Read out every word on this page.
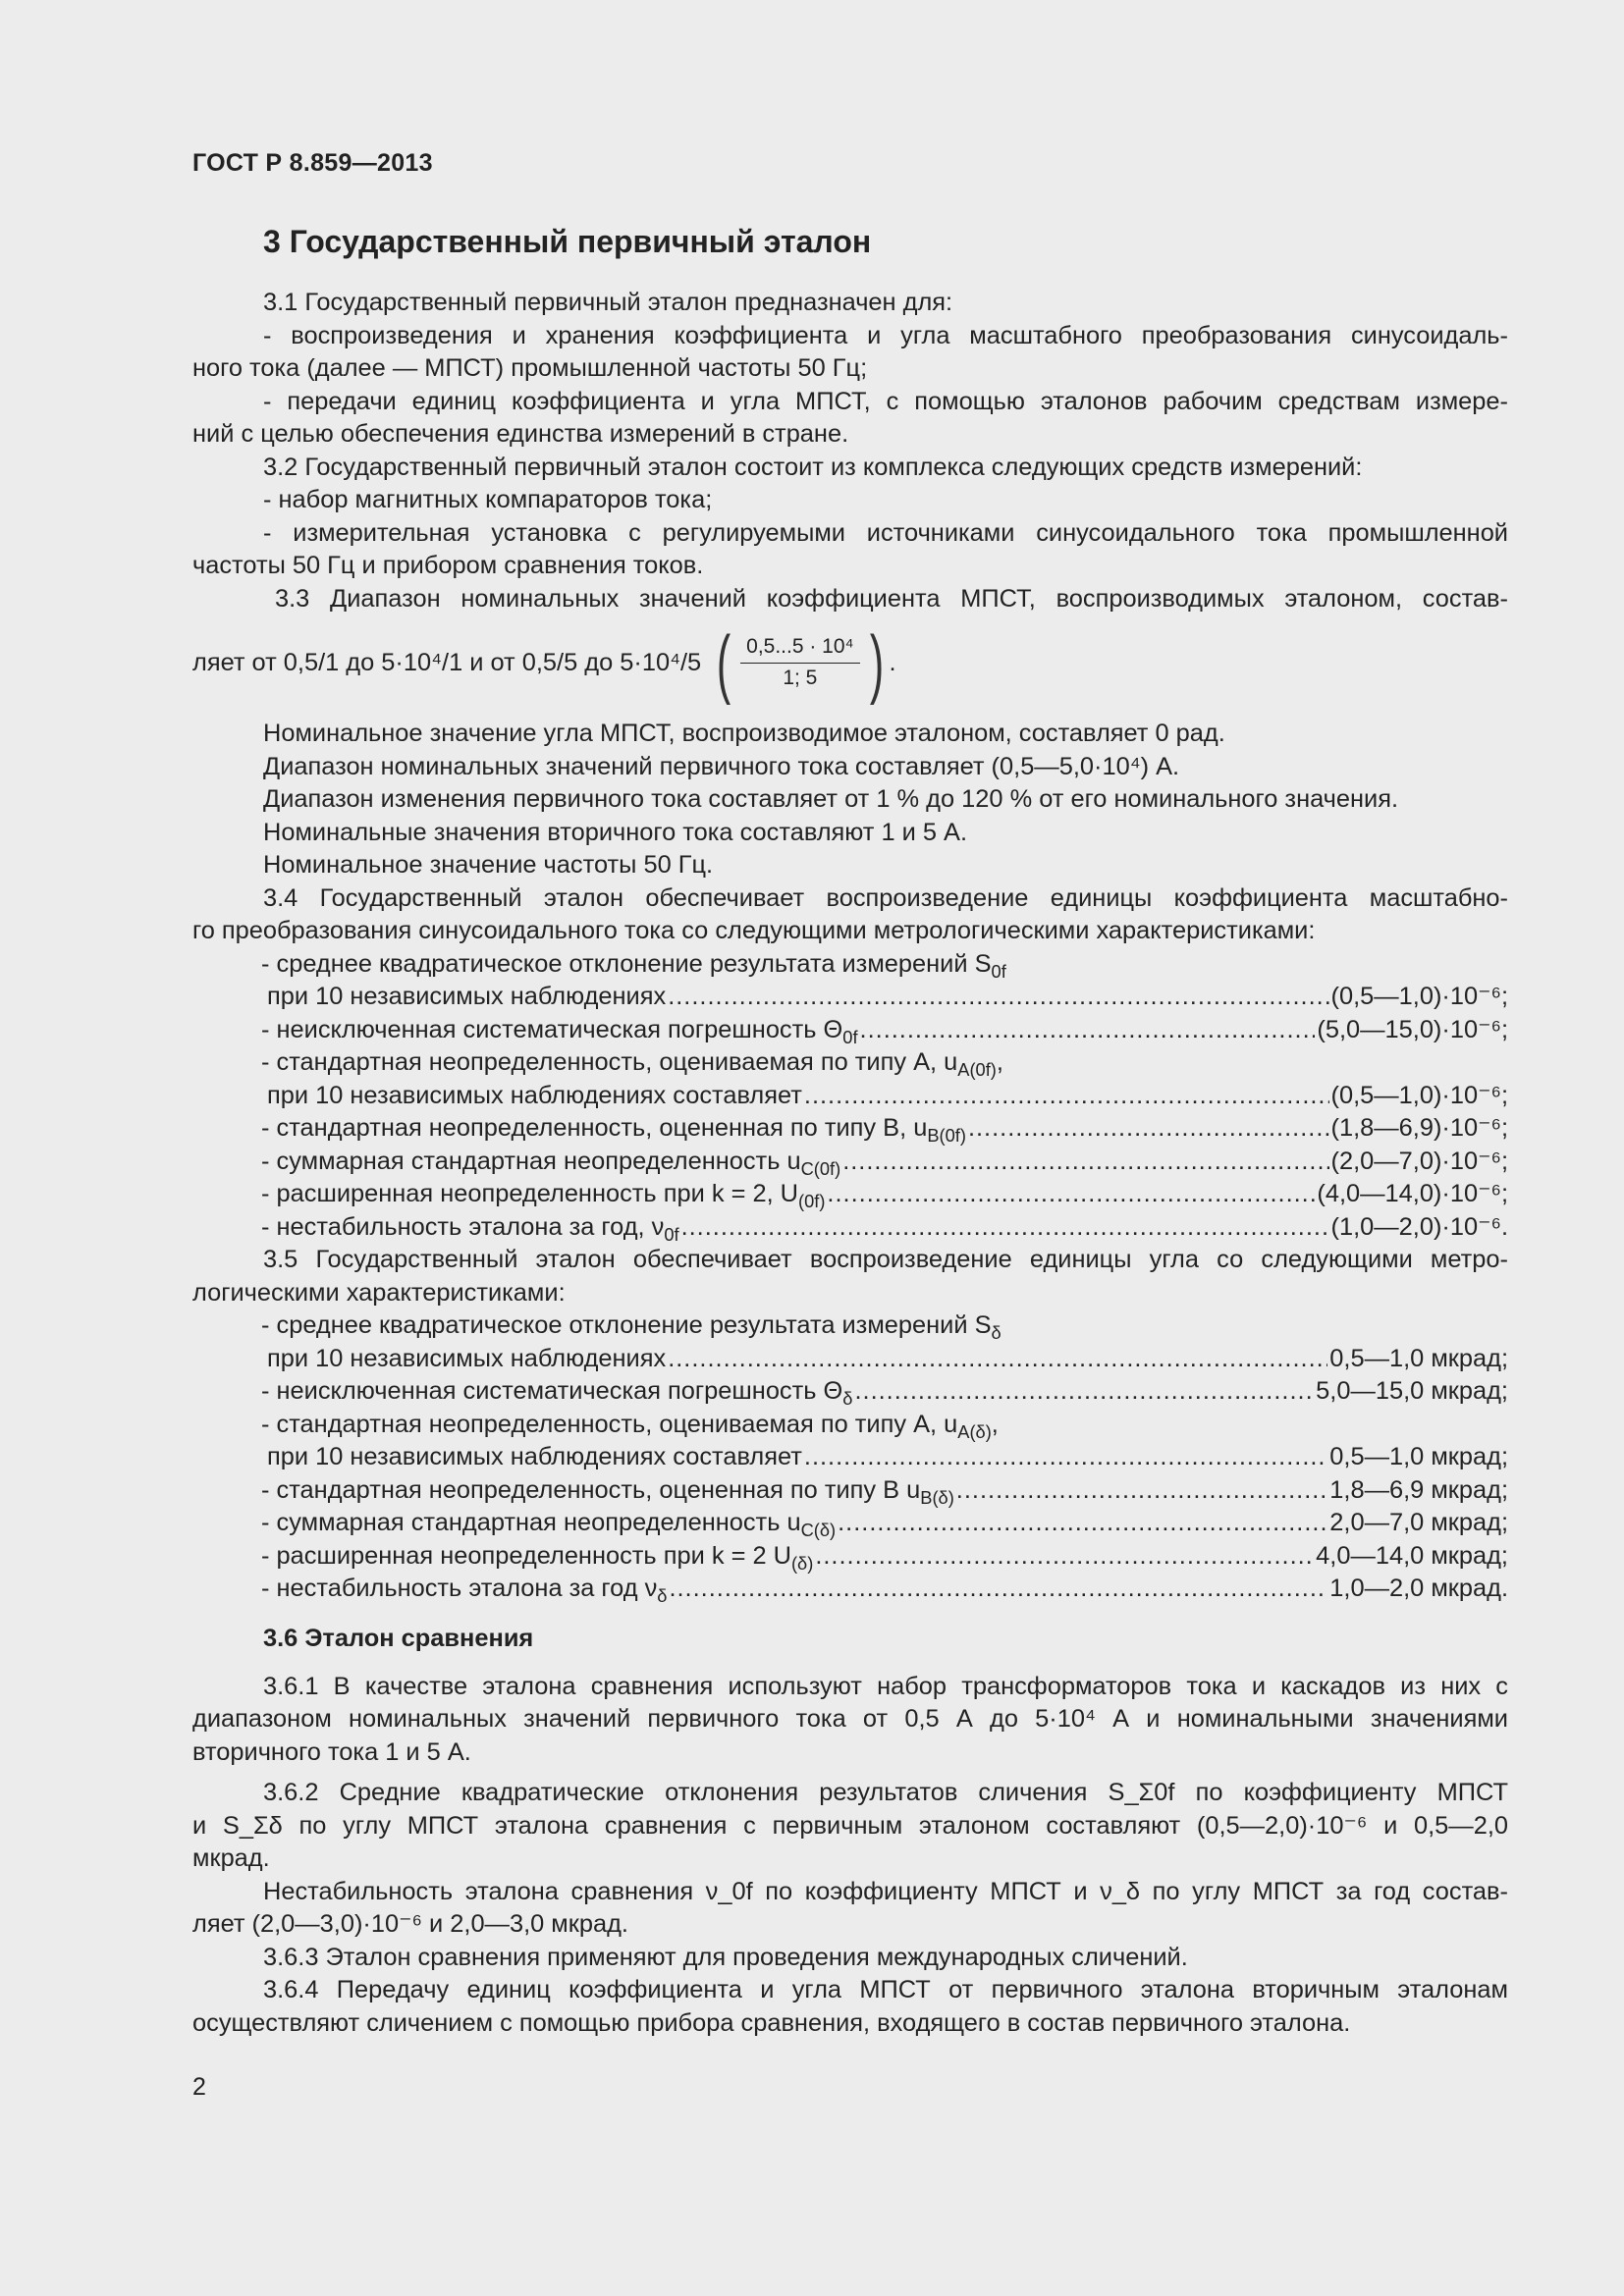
ГОСТ Р 8.859—2013
3 Государственный первичный эталон
3.1 Государственный первичный эталон предназначен для:
- воспроизведения и хранения коэффициента и угла масштабного преобразования синусоидаль-
ного тока (далее — МПСТ) промышленной частоты 50 Гц;
- передачи единиц коэффициента и угла МПСТ, с помощью эталонов рабочим средствам измере-
ний с целью обеспечения единства измерений в стране.
3.2 Государственный первичный эталон состоит из комплекса следующих средств измерений:
- набор магнитных компараторов тока;
- измерительная установка с регулируемыми источниками синусоидального тока промышленной
частоты 50 Гц и прибором сравнения токов.
3.3 Диапазон номинальных значений коэффициента МПСТ, воспроизводимых эталоном, состав-
ляет от 0,5/1 до 5·10⁴/1 и от 0,5/5 до 5·10⁴/5 ( $\frac{\text{0,5...5 · 10⁴}}{1; 5}$ ) .
Номинальное значение угла МПСТ, воспроизводимое эталоном, составляет 0 рад.
Диапазон номинальных значений первичного тока составляет (0,5—5,0·10⁴) А.
Диапазон изменения первичного тока составляет от 1 % до 120 % от его номинального значения.
Номинальные значения вторичного тока составляют 1 и 5 А.
Номинальное значение частоты 50 Гц.
3.4 Государственный эталон обеспечивает воспроизведение единицы коэффициента масштабно-
го преобразования синусоидального тока со следующими метрологическими характеристиками:
- среднее квадратическое отклонение результата измерений $S_{0f}$
при 10 независимых наблюдениях .....	(0,5—1,0)·10⁻⁶;
- неисключенная систематическая погрешность $\Theta_{0f}$ .....	(5,0—15,0)·10⁻⁶;
- стандартная неопределенность, оцениваемая по типу А, $u_{A(0f)}$,
при 10 независимых наблюдениях составляет .....	(0,5—1,0)·10⁻⁶;
- стандартная неопределенность, оцененная по типу В, $u_{B(0f)}$ .....	(1,8—6,9)·10⁻⁶;
- суммарная стандартная неопределенность $u_{C(0f)}$ .....	(2,0—7,0)·10⁻⁶;
- расширенная неопределенность при k = 2, $U_{(0f)}$ .....	(4,0—14,0)·10⁻⁶;
- нестабильность эталона за год, $\nu_{0f}$ .....	(1,0—2,0)·10⁻⁶.
3.5 Государственный эталон обеспечивает воспроизведение единицы угла со следующими метро-
логическими характеристиками:
- среднее квадратическое отклонение результата измерений $S_\delta$
при 10 независимых наблюдениях .....	0,5—1,0 мкрад;
- неисключенная систематическая погрешность $\Theta_\delta$ .....	5,0—15,0 мкрад;
- стандартная неопределенность, оцениваемая по типу А, $u_{A(\delta)}$,
при 10 независимых наблюдениях составляет .....	0,5—1,0 мкрад;
- стандартная неопределенность, оцененная по типу В $u_{B(\delta)}$ .....	1,8—6,9 мкрад;
- суммарная стандартная неопределенность $u_{C(\delta)}$ .....	2,0—7,0 мкрад;
- расширенная неопределенность при k = 2 $U_{(\delta)}$ .....	4,0—14,0 мкрад;
- нестабильность эталона за год $\nu_\delta$ .....	1,0—2,0 мкрад.
3.6 Эталон сравнения
3.6.1 В качестве эталона сравнения используют набор трансформаторов тока и каскадов из них с
диапазоном номинальных значений первичного тока от 0,5 А до 5·10⁴ А и номинальными значениями
вторичного тока 1 и 5 А.
3.6.2 Средние квадратические отклонения результатов сличения S_Σ0f по коэффициенту МПСТ
и S_Σδ по углу МПСТ эталона сравнения с первичным эталоном составляют (0,5—2,0)·10⁻⁶ и 0,5—2,0
мкрад.
Нестабильность эталона сравнения ν_0f по коэффициенту МПСТ и ν_δ по углу МПСТ за год состав-
ляет (2,0—3,0)·10⁻⁶ и 2,0—3,0 мкрад.
3.6.3 Эталон сравнения применяют для проведения международных сличений.
3.6.4 Передачу единиц коэффициента и угла МПСТ от первичного эталона вторичным эталонам
осуществляют сличением с помощью прибора сравнения, входящего в состав первичного эталона.
2
